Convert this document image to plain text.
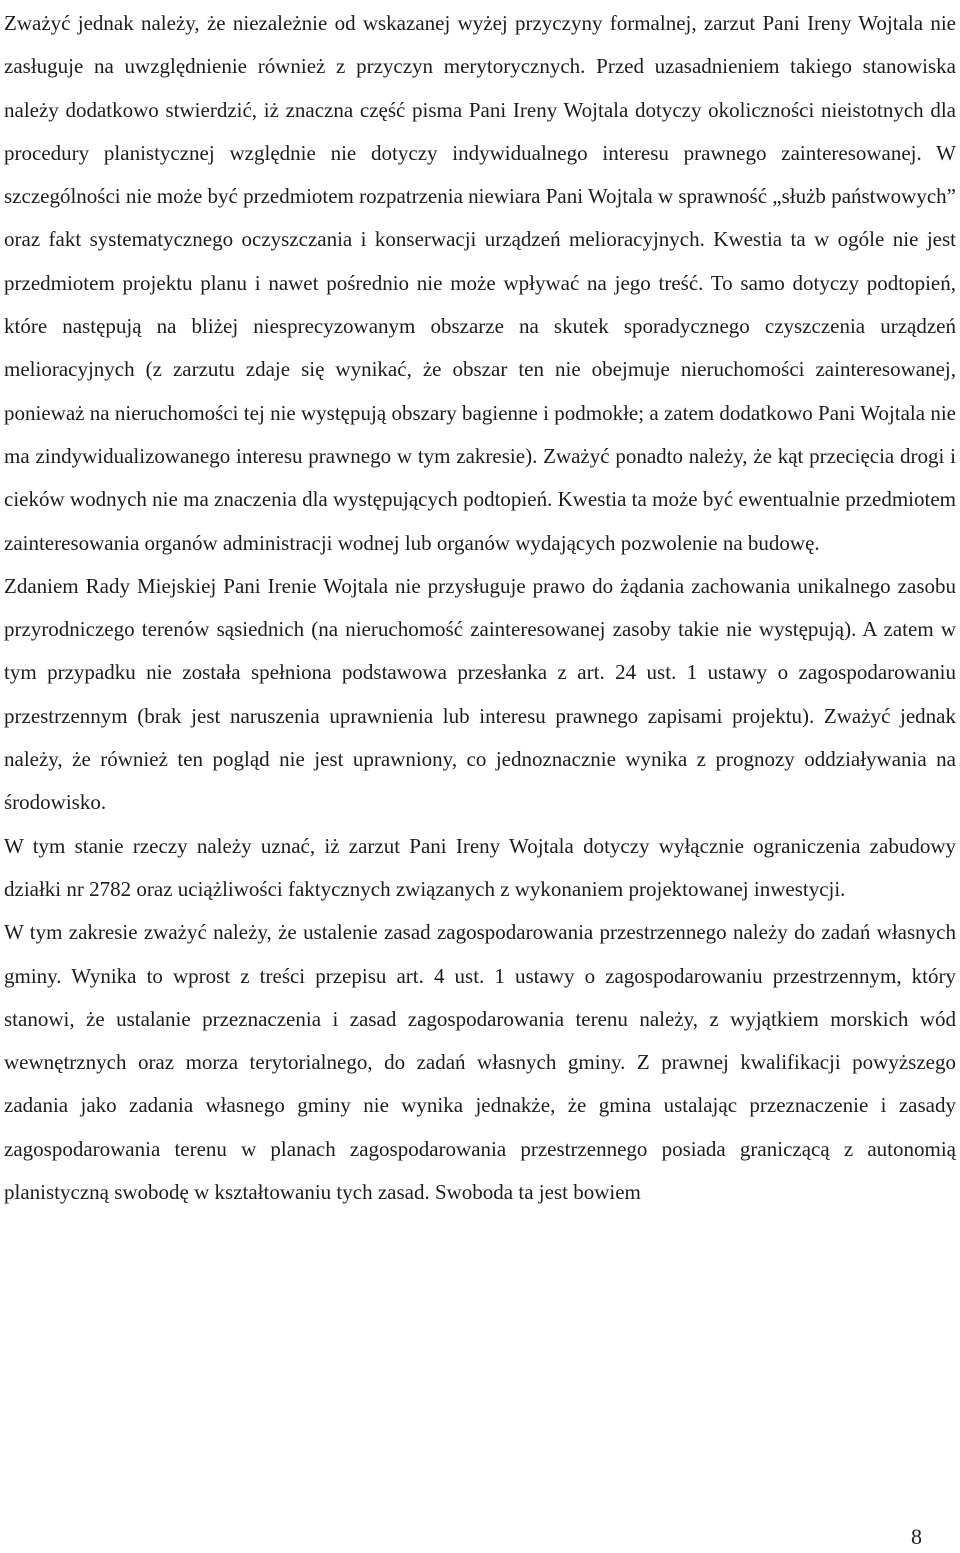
Zważyć jednak należy, że niezależnie od wskazanej wyżej przyczyny formalnej, zarzut Pani Ireny Wojtala nie zasługuje na uwzględnienie również z przyczyn merytorycznych. Przed uzasadnieniem takiego stanowiska należy dodatkowo stwierdzić, iż znaczna część pisma Pani Ireny Wojtala dotyczy okoliczności nieistotnych dla procedury planistycznej względnie nie dotyczy indywidualnego interesu prawnego zainteresowanej. W szczególności nie może być przedmiotem rozpatrzenia niewiara Pani Wojtala w sprawność „służb państwowych” oraz fakt systematycznego oczyszczania i konserwacji urządzeń melioracyjnych. Kwestia ta w ogóle nie jest przedmiotem projektu planu i nawet pośrednio nie może wpływać na jego treść. To samo dotyczy podtopień, które następują na bliżej niesprecyzowanym obszarze na skutek sporadycznego czyszczenia urządzeń melioracyjnych (z zarzutu zdaje się wynikać, że obszar ten nie obejmuje nieruchomości zainteresowanej, ponieważ na nieruchomości tej nie występują obszary bagienne i podmokłe; a zatem dodatkowo Pani Wojtala nie ma zindywidualizowanego interesu prawnego w tym zakresie). Zważyć ponadto należy, że kąt przecięcia drogi i cieków wodnych nie ma znaczenia dla występujących podtopień. Kwestia ta może być ewentualnie przedmiotem zainteresowania organów administracji wodnej lub organów wydających pozwolenie na budowę.

Zdaniem Rady Miejskiej Pani Irenie Wojtala nie przysługuje prawo do żądania zachowania unikalnego zasobu przyrodniczego terenów sąsiednich (na nieruchomość zainteresowanej zasoby takie nie występują). A zatem w tym przypadku nie została spełniona podstawowa przesłanka z art. 24 ust. 1 ustawy o zagospodarowaniu przestrzennym (brak jest naruszenia uprawnienia lub interesu prawnego zapisami projektu). Zważyć jednak należy, że również ten pogląd nie jest uprawniony, co jednoznacznie wynika z prognozy oddziaływania na środowisko.

W tym stanie rzeczy należy uznać, iż zarzut Pani Ireny Wojtala dotyczy wyłącznie ograniczenia zabudowy działki nr 2782 oraz uciążliwości faktycznych związanych z wykonaniem projektowanej inwestycji.

W tym zakresie zważyć należy, że ustalenie zasad zagospodarowania przestrzennego należy do zadań własnych gminy. Wynika to wprost z treści przepisu art. 4 ust. 1 ustawy o zagospodarowaniu przestrzennym, który stanowi, że ustalanie przeznaczenia i zasad zagospodarowania terenu należy, z wyjątkiem morskich wód wewnętrznych oraz morza terytorialnego, do zadań własnych gminy. Z prawnej kwalifikacji powyższego zadania jako zadania własnego gminy nie wynika jednakże, że gmina ustalając przeznaczenie i zasady zagospodarowania terenu w planach zagospodarowania przestrzennego posiada graniczącą z autonomią planistyczną swobodę w kształtowaniu tych zasad. Swoboda ta jest bowiem

8
